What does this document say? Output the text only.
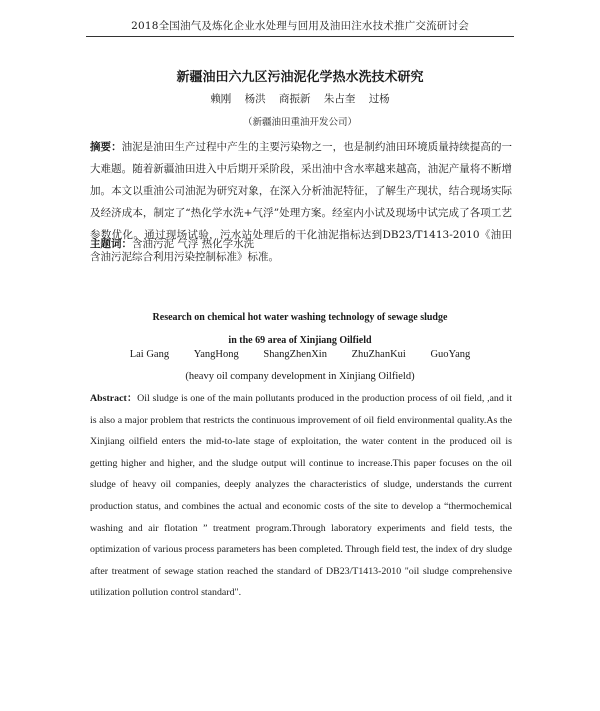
2018全国油气及炼化企业水处理与回用及油田注水技术推广交流研讨会
新疆油田六九区污油泥化学热水洗技术研究
赖刚 杨洪 商振新 朱占奎 过杨
（新疆油田重油开发公司）
摘要：油泥是油田生产过程中产生的主要污染物之一，也是制约油田环境质量持续提高的一大难题。随着新疆油田进入中后期开采阶段，采出油中含水率越来越高，油泥产量将不断增加。本文以重油公司油泥为研究对象，在深入分析油泥特征，了解生产现状，结合现场实际及经济成本，制定了“热化学水洗+气浮”处理方案。经室内小试及现场中试完成了各项工艺参数优化。通过现场试验，污水站处理后的干化油泥指标达到DB23/T1413-2010《油田含油污泥综合利用污染控制标准》标准。
主题词：含油污泥 气浮 热化学水洗
Research on chemical hot water washing technology of sewage sludge
in the 69 area of Xinjiang Oilfield
Lai Gang YangHong ShangZhenXin ZhuZhanKui GuoYang
(heavy oil company development in Xinjiang Oilfield)
Abstract：Oil sludge is one of the main pollutants produced in the production process of oil field, ,and it is also a major problem that restricts the continuous improvement of oil field environmental quality.As the Xinjiang oilfield enters the mid-to-late stage of exploitation, the water content in the produced oil is getting higher and higher, and the sludge output will continue to increase.This paper focuses on the oil sludge of heavy oil companies, deeply analyzes the characteristics of sludge, understands the current production status, and combines the actual and economic costs of the site to develop a “thermochemical washing and air flotation ” treatment program.Through laboratory experiments and field tests, the optimization of various process parameters has been completed. Through field test, the index of dry sludge after treatment of sewage station reached the standard of DB23/T1413-2010 "oil sludge comprehensive utilization pollution control standard".
